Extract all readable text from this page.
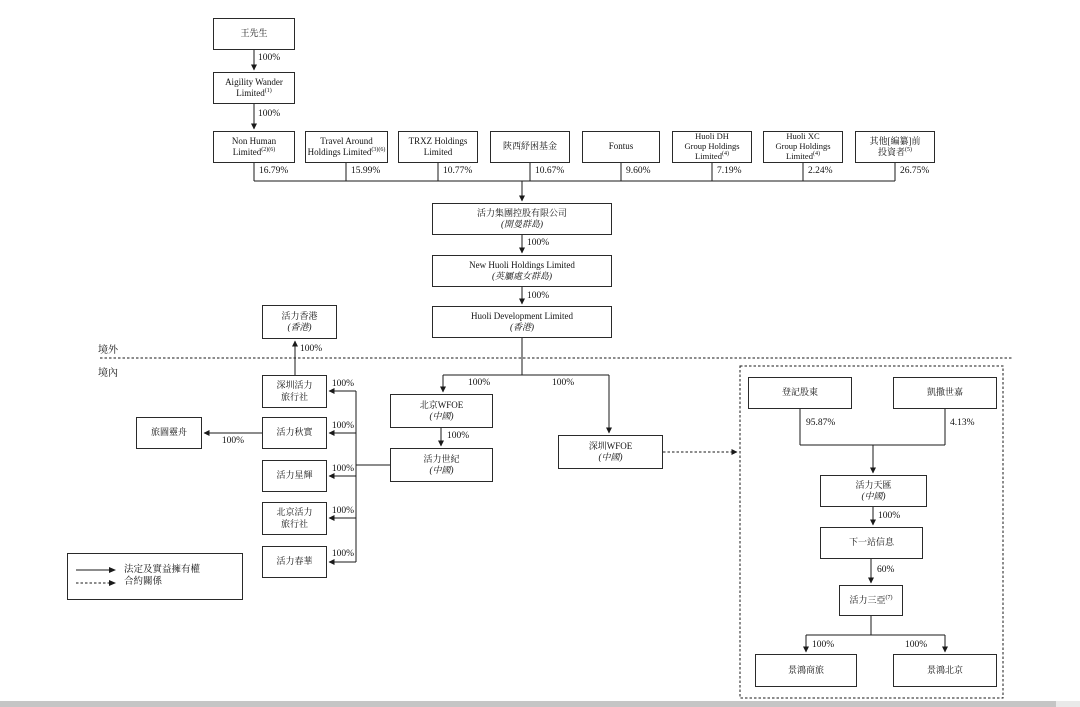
境外
境內
王先生
Aigility Wander
Limited$^{(1)}$
Non Human
Limited$^{(2)(6)}$
Travel Around
Holdings Limited$^{(3)(6)}$
TRXZ Holdings
Limited
陝西紓困基金	Fontus
Huoli DH
Group Holdings
Limited$^{(4)}$
Huoli XC
Group Holdings
Limited$^{(4)}$
其他[編纂]前
投資者$^{(5)}$
活力集團控股有限公司
(開曼群島)
New Huoli Holdings Limited
(英屬處女群島)
Huoli Development Limited
(香港)
活力香港
(香港)
深圳活力
旅行社
活力秋實
活力星輝
北京活力
旅行社
活力春華
旅圖靈舟
北京WFOE
(中國)
活力世紀
(中國)
深圳WFOE
(中國)
登記股東	凱撒世嘉
活力天匯
(中國)
下一站信息
活力三亞$^{(7)}$
景鴻商旅	景鴻北京
100%
100%
16.79%	15.99%	10.77%	10.67%	9.60%	7.19%	2.24%	26.75%
100%
100%
100%	100%
100%
100%
100%
100%
100%
100%
100%
100%
95.87%	4.13%
100%
60%
100%	100%
法定及實益擁有權
合約關係
